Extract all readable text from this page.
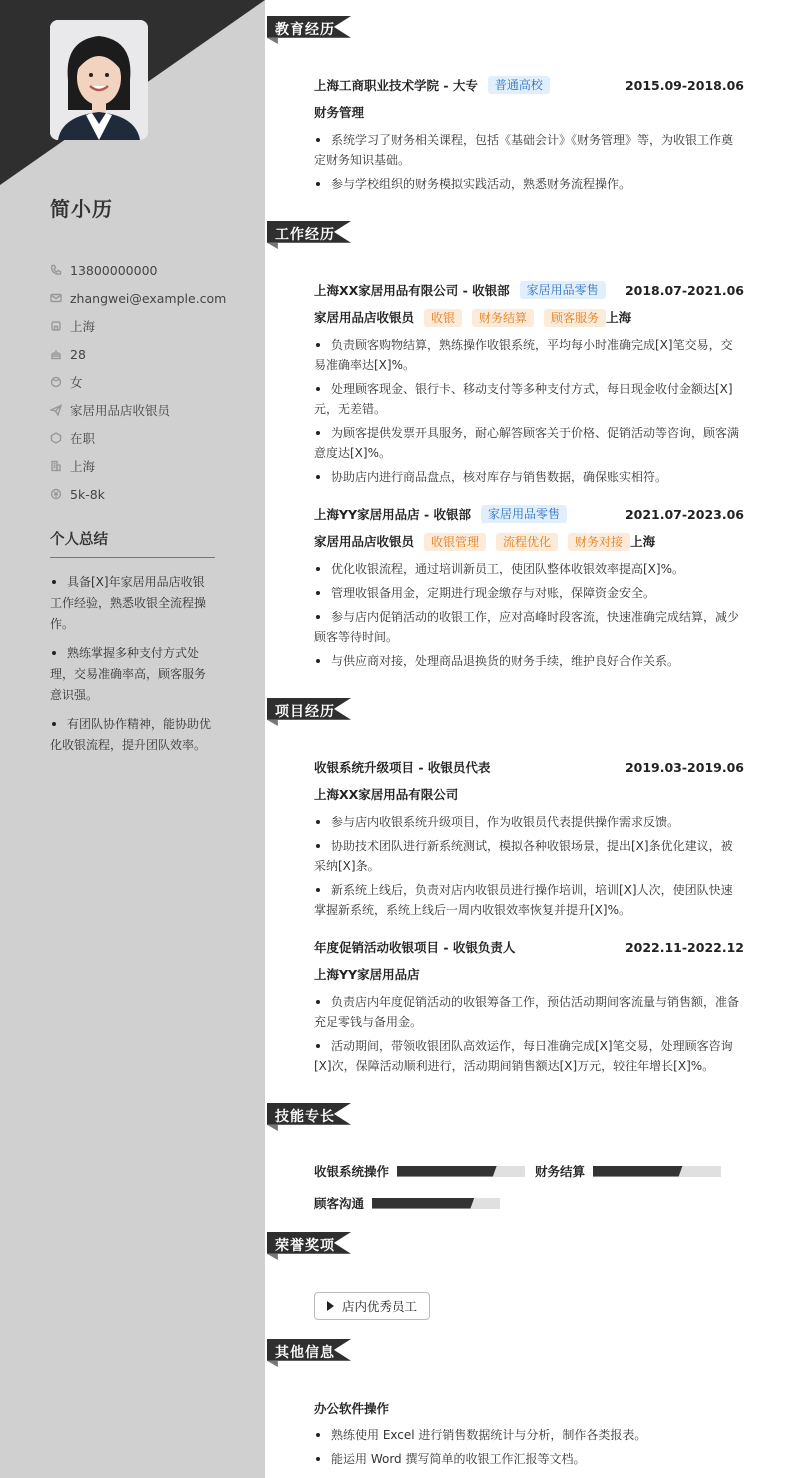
简小历
13800000000
zhangwei@example.com
上海
28
女
家居用品店收银员
在职
上海
5k-8k
个人总结
具备[X]年家居用品店收银工作经验，熟悉收银全流程操作。
熟练掌握多种支付方式处理，交易准确率高，顾客服务意识强。
有团队协作精神，能协助优化收银流程，提升团队效率。
教育经历
工作经历
项目经历
技能专长
荣誉奖项
其他信息
上海工商职业技术学院 - 大专	普通高校	2015.09-2018.06
财务管理
系统学习了财务相关课程，包括《基础会计》《财务管理》等，为收银工作奠定财务知识基础。
参与学校组织的财务模拟实践活动，熟悉财务流程操作。
上海XX家居用品有限公司 - 收银部	家居用品零售	2018.07-2021.06
家居用品店收银员	收银	财务结算	顾客服务 上海
负责顾客购物结算，熟练操作收银系统，平均每小时准确完成[X]笔交易，交易准确率达[X]%。
处理顾客现金、银行卡、移动支付等多种支付方式，每日现金收付金额达[X]元，无差错。
为顾客提供发票开具服务，耐心解答顾客关于价格、促销活动等咨询，顾客满意度达[X]%。
协助店内进行商品盘点，核对库存与销售数据，确保账实相符。
上海YY家居用品店 - 收银部	家居用品零售	2021.07-2023.06
家居用品店收银员	收银管理	流程优化	财务对接 上海
优化收银流程，通过培训新员工，使团队整体收银效率提高[X]%。
管理收银备用金，定期进行现金缴存与对账，保障资金安全。
参与店内促销活动的收银工作，应对高峰时段客流，快速准确完成结算，减少顾客等待时间。
与供应商对接，处理商品退换货的财务手续，维护良好合作关系。
收银系统升级项目 - 收银员代表	2019.03-2019.06
上海XX家居用品有限公司
参与店内收银系统升级项目，作为收银员代表提供操作需求反馈。
协助技术团队进行新系统测试，模拟各种收银场景，提出[X]条优化建议，被采纳[X]条。
新系统上线后，负责对店内收银员进行操作培训，培训[X]人次，使团队快速掌握新系统，系统上线后一周内收银效率恢复并提升[X]%。
年度促销活动收银项目 - 收银负责人	2022.11-2022.12
上海YY家居用品店
负责店内年度促销活动的收银筹备工作，预估活动期间客流量与销售额，准备充足零钱与备用金。
活动期间，带领收银团队高效运作，每日准确完成[X]笔交易，处理顾客咨询[X]次，保障活动顺利进行，活动期间销售额达[X]万元，较往年增长[X]%。
收银系统操作	财务结算
顾客沟通
店内优秀员工
办公软件操作
熟练使用 Excel 进行销售数据统计与分析，制作各类报表。
能运用 Word 撰写简单的收银工作汇报等文档。
